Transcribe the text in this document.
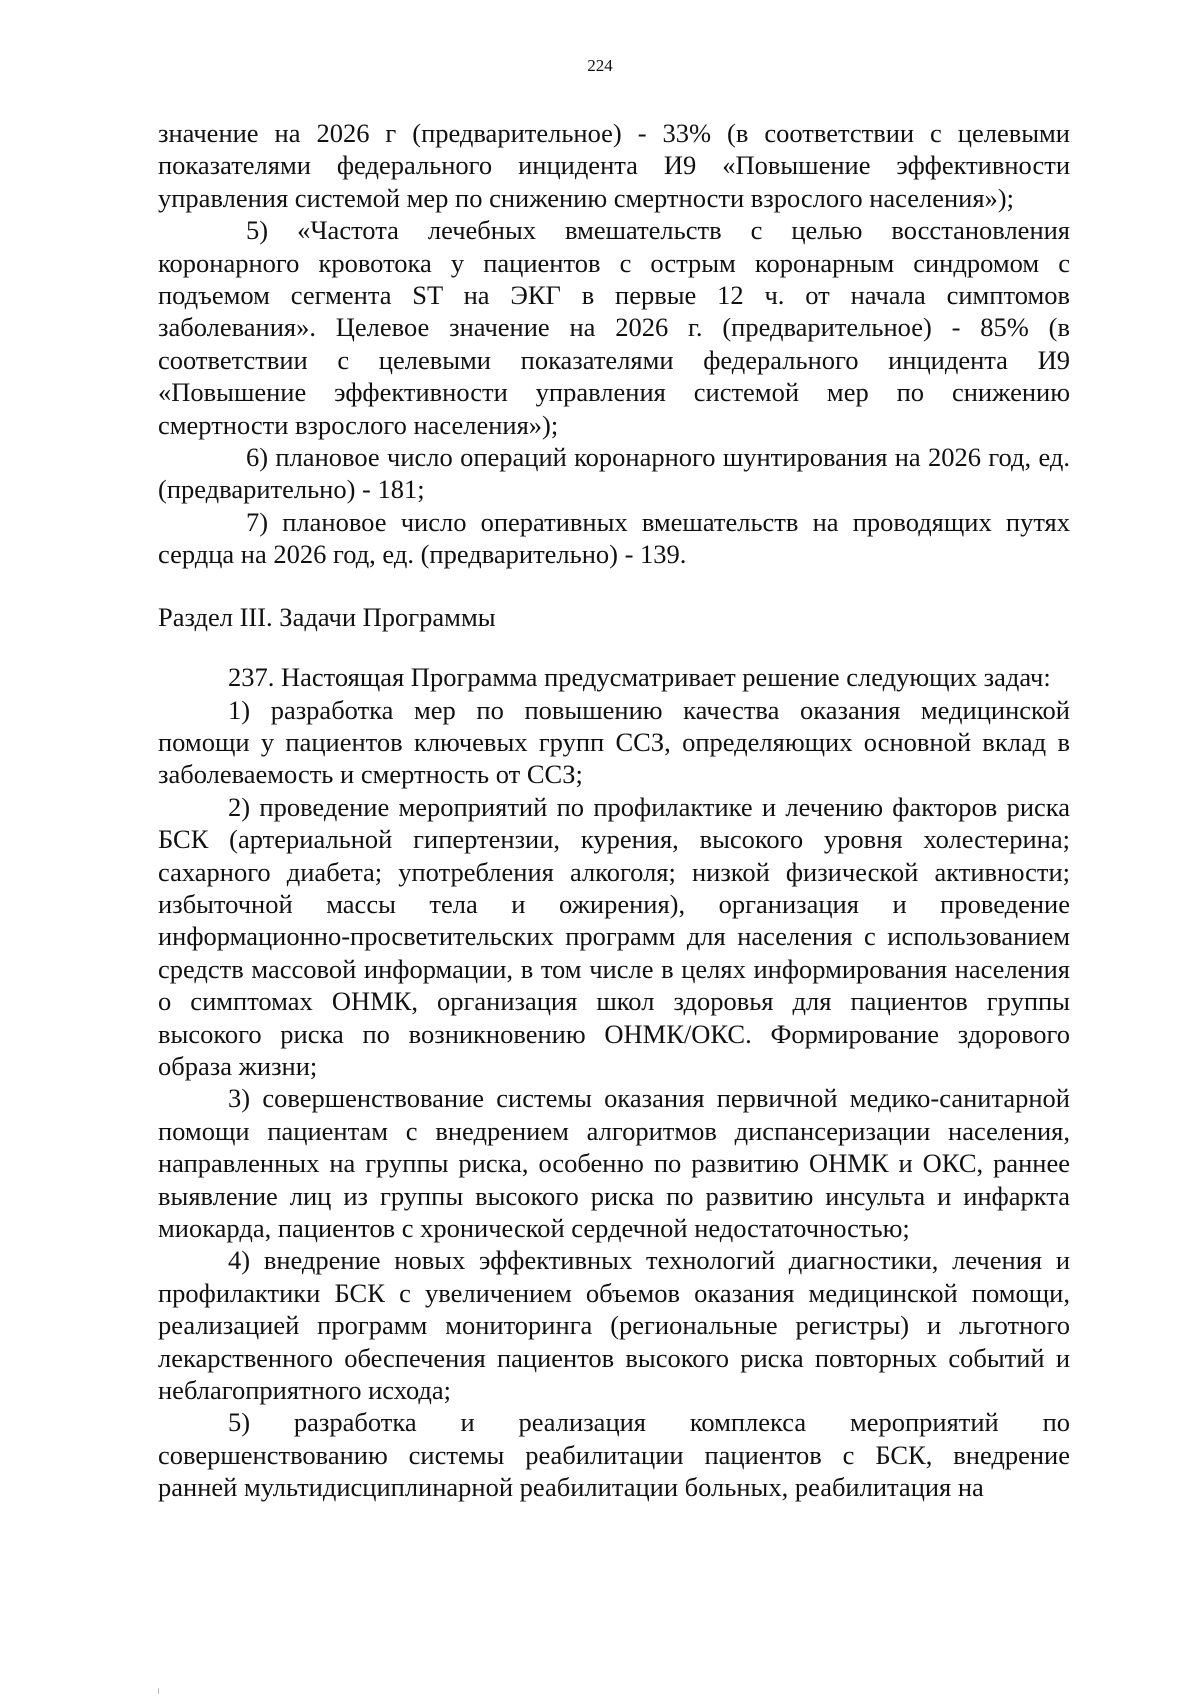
224

значение на 2026 г (предварительное) - 33% (в соответствии с целевыми показателями федерального инцидента И9 «Повышение эффективности управления системой мер по снижению смертности взрослого населения»);

5) «Частота лечебных вмешательств с целью восстановления коронарного кровотока у пациентов с острым коронарным синдромом с подъемом сегмента ST на ЭКГ в первые 12 ч. от начала симптомов заболевания». Целевое значение на 2026 г. (предварительное) - 85% (в соответствии с целевыми показателями федерального инцидента И9 «Повышение эффективности управления системой мер по снижению смертности взрослого населения»);

6) плановое число операций коронарного шунтирования на 2026 год, ед. (предварительно) - 181;

7) плановое число оперативных вмешательств на проводящих путях сердца на 2026 год, ед. (предварительно) - 139.

Раздел III. Задачи Программы

237. Настоящая Программа предусматривает решение следующих задач:

1) разработка мер по повышению качества оказания медицинской помощи у пациентов ключевых групп ССЗ, определяющих основной вклад в заболеваемость и смертность от ССЗ;

2) проведение мероприятий по профилактике и лечению факторов риска БСК (артериальной гипертензии, курения, высокого уровня холестерина; сахарного диабета; употребления алкоголя; низкой физической активности; избыточной массы тела и ожирения), организация и проведение информационно-просветительских программ для населения с использованием средств массовой информации, в том числе в целях информирования населения о симптомах ОНМК, организация школ здоровья для пациентов группы высокого риска по возникновению ОНМК/ОКС. Формирование здорового образа жизни;

3) совершенствование системы оказания первичной медико-санитарной помощи пациентам с внедрением алгоритмов диспансеризации населения, направленных на группы риска, особенно по развитию ОНМК и ОКС, раннее выявление лиц из группы высокого риска по развитию инсульта и инфаркта миокарда, пациентов с хронической сердечной недостаточностью;

4) внедрение новых эффективных технологий диагностики, лечения и профилактики БСК с увеличением объемов оказания медицинской помощи, реализацией программ мониторинга (региональные регистры) и льготного лекарственного обеспечения пациентов высокого риска повторных событий и неблагоприятного исхода;

5) разработка и реализация комплекса мероприятий по совершенствованию системы реабилитации пациентов с БСК, внедрение ранней мультидисциплинарной реабилитации больных, реабилитация на
